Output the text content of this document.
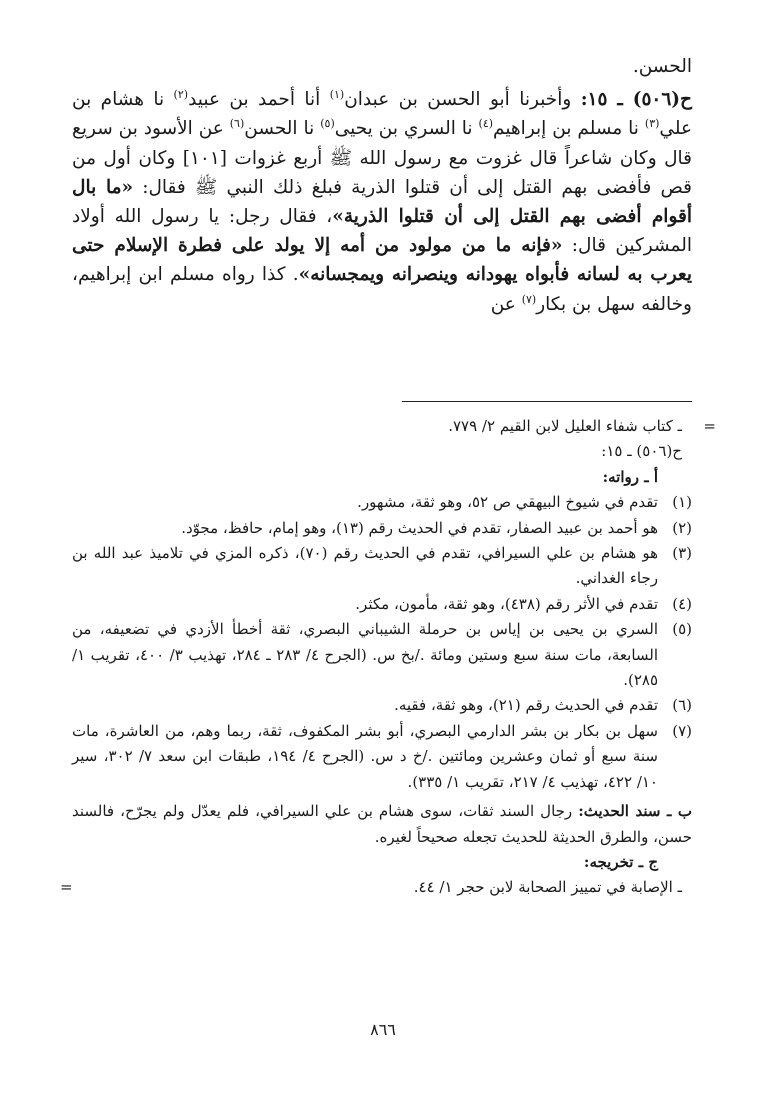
الحسن.

ح(٥٠٦) ـ ١٥: وأخبرنا أبو الحسن بن عبدان$^{(١)}$ أنا أحمد بن عبيد$^{(٢)}$ نا هشام بن علي$^{(٣)}$ نا مسلم بن إبراهيم$^{(٤)}$ نا السري بن يحيى$^{(٥)}$ نا الحسن$^{(٦)}$ عن الأسود بن سريع قال وكان شاعراً قال غزوت مع رسول الله ﷺ أربع غزوات [١٠١] وكان أول من قص فأفضى بهم القتل إلى أن قتلوا الذرية فبلغ ذلك النبي ﷺ فقال: «ما بال أقوام أفضى بهم القتل إلى أن قتلوا الذرية»، فقال رجل: يا رسول الله أولاد المشركين قال: «فإنه ما من مولود من أمه إلا يولد على فطرة الإسلام حتى يعرب به لسانه فأبواه يهودانه وينصرانه ويمجسانه». كذا رواه مسلم ابن إبراهيم، وخالفه سهل بن بكار$^{(٧)}$ عن

=
ـ كتاب شفاء العليل لابن القيم ٢/ ٧٧٩.

ح(٥٠٦) ـ ١٥:

أ ـ رواته:

(١)
تقدم في شيوخ البيهقي ص ٥٢، وهو ثقة، مشهور.

(٢)
هو أحمد بن عبيد الصفار، تقدم في الحديث رقم (١٣)، وهو إمام، حافظ، مجوّد.

(٣)
هو هشام بن علي السيرافي، تقدم في الحديث رقم (٧٠)، ذكره المزي في تلاميذ عبد الله بن رجاء الغداني.

(٤)
تقدم في الأثر رقم (٤٣٨)، وهو ثقة، مأمون، مكثر.

(٥)
السري بن يحيى بن إياس بن حرملة الشيباني البصري، ثقة أخطأ الأزدي في تضعيفه، من السابعة، مات سنة سبع وستين ومائة ./بخ س. (الجرح ٤/ ٢٨٣ ـ ٢٨٤، تهذيب ٣/ ٤٠٠، تقريب ١/ ٢٨٥).

(٦)
تقدم في الحديث رقم (٢١)، وهو ثقة، فقيه.

(٧)
سهل بن بكار بن بشر الدارمي البصري، أبو بشر المكفوف، ثقة، ربما وهم، من العاشرة، مات سنة سبع أو ثمان وعشرين ومائتين ./خ د س. (الجرح ٤/ ١٩٤، طبقات ابن سعد ٧/ ٣٠٢، سير ١٠/ ٤٢٢، تهذيب ٤/ ٢١٧، تقريب ١/ ٣٣٥).

ب ـ سند الحديث: رجال السند ثقات، سوى هشام بن علي السيرافي، فلم يعدّل ولم يجرّح، فالسند حسن، والطرق الحديثة للحديث تجعله صحيحاً لغيره.

ج ـ تخريجه:

ـ الإصابة في تمييز الصحابة لابن حجر ١/ ٤٤.
=

٨٦٦
